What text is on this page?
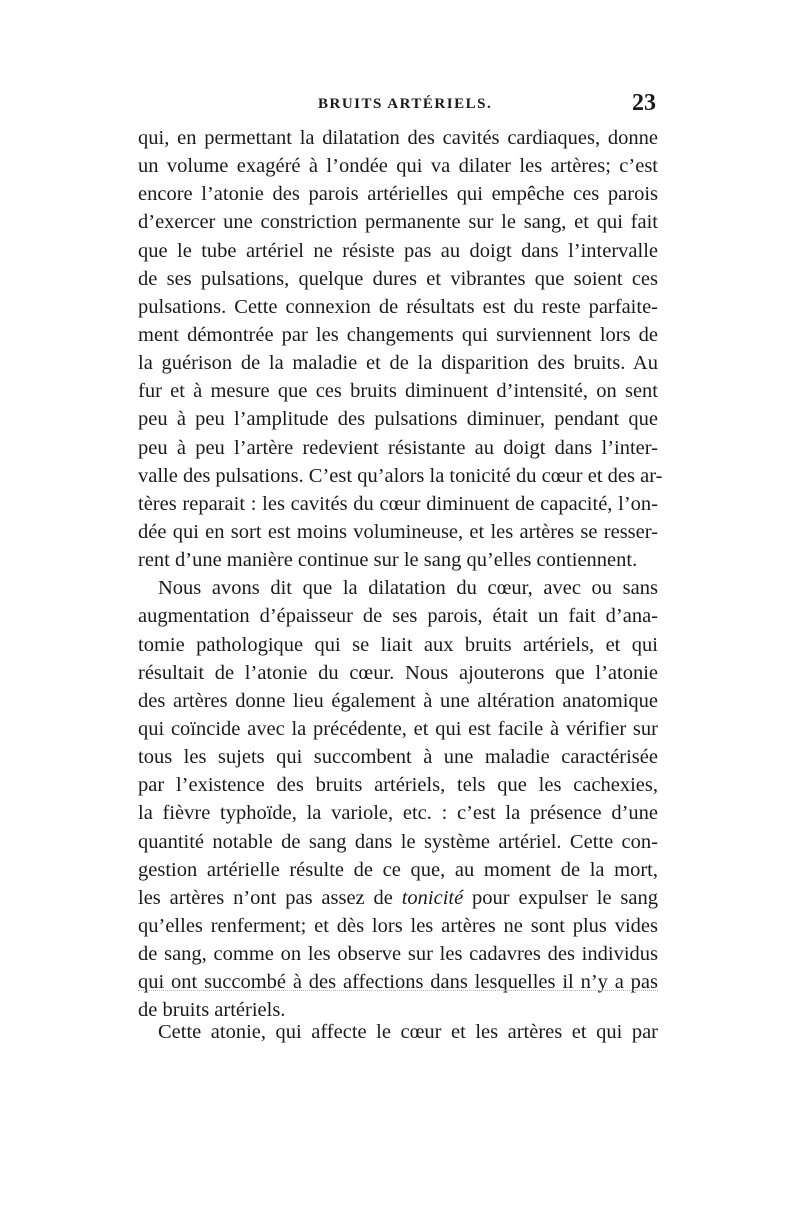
BRUITS ARTÉRIELS.	23
qui, en permettant la dilatation des cavités cardiaques, donne
un volume exagéré à l’ondée qui va dilater les artères; c’est
encore l’atonie des parois artérielles qui empêche ces parois
d’exercer une constriction permanente sur le sang, et qui fait
que le tube artériel ne résiste pas au doigt dans l’intervalle
de ses pulsations, quelque dures et vibrantes que soient ces
pulsations. Cette connexion de résultats est du reste parfaite-
ment démontrée par les changements qui surviennent lors de
la guérison de la maladie et de la disparition des bruits. Au
fur et à mesure que ces bruits diminuent d’intensité, on sent
peu à peu l’amplitude des pulsations diminuer, pendant que
peu à peu l’artère redevient résistante au doigt dans l’inter-
valle des pulsations. C’est qu’alors la tonicité du cœur et des ar-
tères reparait : les cavités du cœur diminuent de capacité, l’on-
dée qui en sort est moins volumineuse, et les artères se resser-
rent d’une manière continue sur le sang qu’elles contiennent.
Nous avons dit que la dilatation du cœur, avec ou sans
augmentation d’épaisseur de ses parois, était un fait d’ana-
tomie pathologique qui se liait aux bruits artériels, et qui
résultait de l’atonie du cœur. Nous ajouterons que l’atonie
des artères donne lieu également à une altération anatomique
qui coïncide avec la précédente, et qui est facile à vérifier sur
tous les sujets qui succombent à une maladie caractérisée
par l’existence des bruits artériels, tels que les cachexies,
la fièvre typhoïde, la variole, etc. : c’est la présence d’une
quantité notable de sang dans le système artériel. Cette con-
gestion artérielle résulte de ce que, au moment de la mort,
les artères n’ont pas assez de tonicité pour expulser le sang
qu’elles renferment; et dès lors les artères ne sont plus vides
de sang, comme on les observe sur les cadavres des individus
qui ont succombé à des affections dans lesquelles il n’y a pas
de bruits artériels.
Cette atonie, qui affecte le cœur et les artères et qui par
